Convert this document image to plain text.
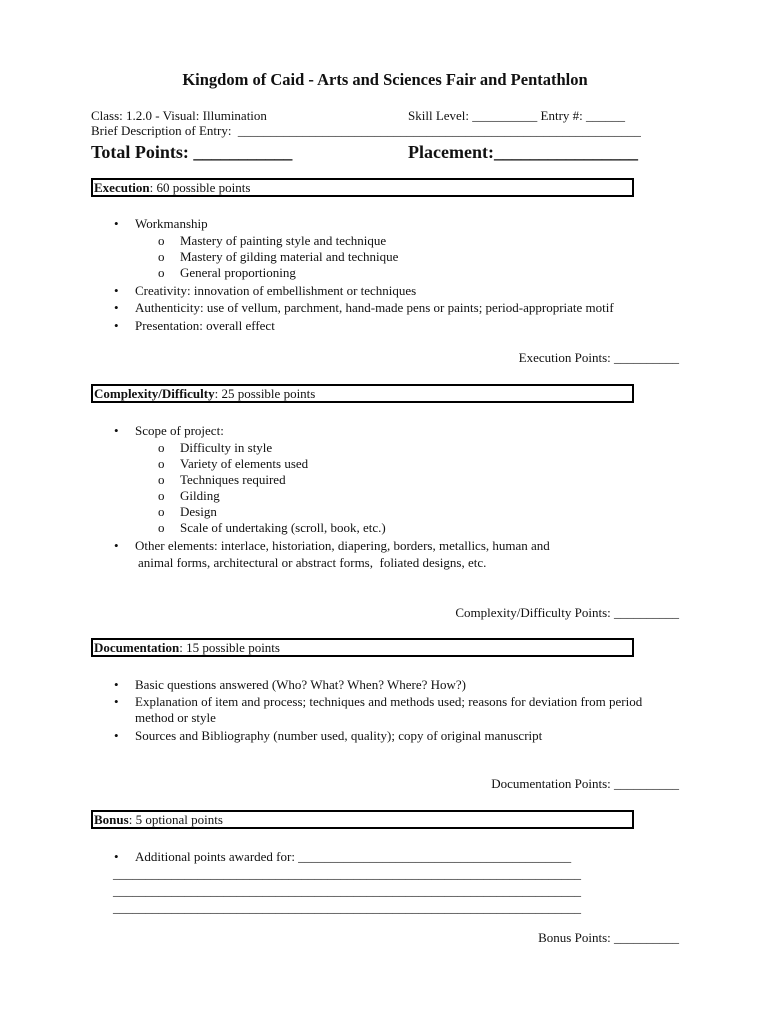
Kingdom of Caid - Arts and Sciences Fair and Pentathlon
Class: 1.2.0 - Visual: Illumination	Skill Level: __________ Entry #: ______
Brief Description of Entry:  ______________________________________________________________
Total Points: ___________	Placement:________________
Execution: 60 possible points
• Workmanship
o Mastery of painting style and technique
o Mastery of gilding material and technique
o General proportioning
• Creativity: innovation of embellishment or techniques
• Authenticity: use of vellum, parchment, hand-made pens or paints; period-appropriate motif
• Presentation: overall effect
Execution Points: __________
Complexity/Difficulty: 25 possible points
• Scope of project:
o Difficulty in style
o Variety of elements used
o Techniques required
o Gilding
o Design
o Scale of undertaking (scroll, book, etc.)
• Other elements: interlace, historiation, diapering, borders, metallics, human and
animal forms, architectural or abstract forms,  foliated designs, etc.
Complexity/Difficulty Points: __________
Documentation: 15 possible points
• Basic questions answered (Who? What? When? Where? How?)
• Explanation of item and process; techniques and methods used; reasons for deviation from period
method or style
• Sources and Bibliography (number used, quality); copy of original manuscript
Documentation Points: __________
Bonus: 5 optional points
• Additional points awarded for: __________________________________________
________________________________________________________________________
________________________________________________________________________
________________________________________________________________________
Bonus Points: __________
